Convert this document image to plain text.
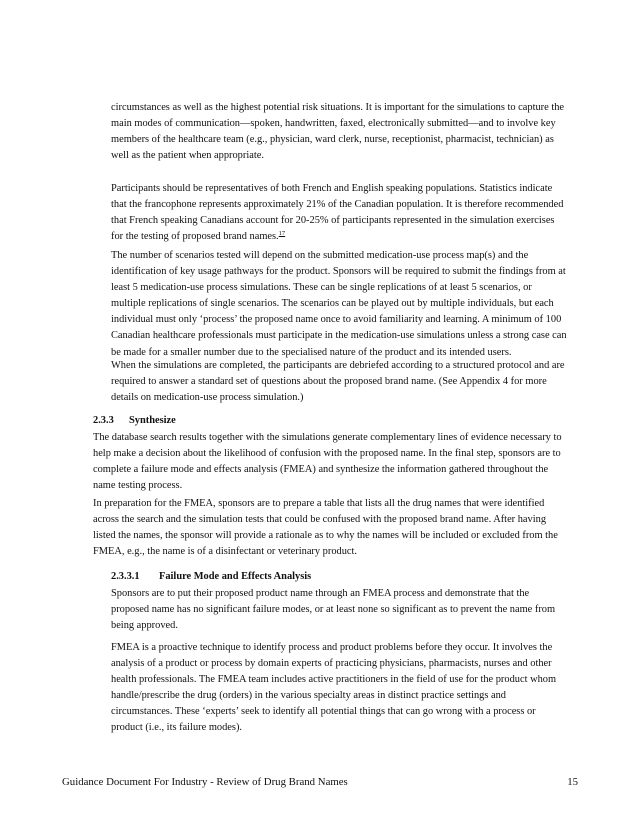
circumstances as well as the highest potential risk situations. It is important for the simulations to capture the main modes of communication—spoken, handwritten, faxed, electronically submitted—and to involve key members of the healthcare team (e.g., physician, ward clerk, nurse, receptionist, pharmacist, technician) as well as the patient when appropriate.

Participants should be representatives of both French and English speaking populations. Statistics indicate that the francophone represents approximately 21% of the Canadian population. It is therefore recommended that French speaking Canadians account for 20-25% of participants represented in the simulation exercises for the testing of proposed brand names.$^{17}$

The number of scenarios tested will depend on the submitted medication-use process map(s) and the identification of key usage pathways for the product. Sponsors will be required to submit the findings from at least 5 medication-use process simulations. These can be single replications of at least 5 scenarios, or multiple replications of single scenarios. The scenarios can be played out by multiple individuals, but each individual must only ‘process’ the proposed name once to avoid familiarity and learning. A minimum of 100 Canadian healthcare professionals must participate in the medication-use simulations unless a strong case can be made for a smaller number due to the specialised nature of the product and its intended users.

When the simulations are completed, the participants are debriefed according to a structured protocol and are required to answer a standard set of questions about the proposed brand name. (See Appendix 4 for more details on medication-use process simulation.)

2.3.3 Synthesize

The database search results together with the simulations generate complementary lines of evidence necessary to help make a decision about the likelihood of confusion with the proposed name. In the final step, sponsors are to complete a failure mode and effects analysis (FMEA) and synthesize the information gathered throughout the name testing process.

In preparation for the FMEA, sponsors are to prepare a table that lists all the drug names that were identified across the search and the simulation tests that could be confused with the proposed brand name. After having listed the names, the sponsor will provide a rationale as to why the names will be included or excluded from the FMEA, e.g., the name is of a disinfectant or veterinary product.

2.3.3.1 Failure Mode and Effects Analysis

Sponsors are to put their proposed product name through an FMEA process and demonstrate that the proposed name has no significant failure modes, or at least none so significant as to prevent the name from being approved.

FMEA is a proactive technique to identify process and product problems before they occur. It involves the analysis of a product or process by domain experts of practicing physicians, pharmacists, nurses and other health professionals. The FMEA team includes active practitioners in the field of use for the product whom handle/prescribe the drug (orders) in the various specialty areas in distinct practice settings and circumstances. These ‘experts’ seek to identify all potential things that can go wrong with a process or product (i.e., its failure modes).

Guidance Document For Industry - Review of Drug Brand Names	15
